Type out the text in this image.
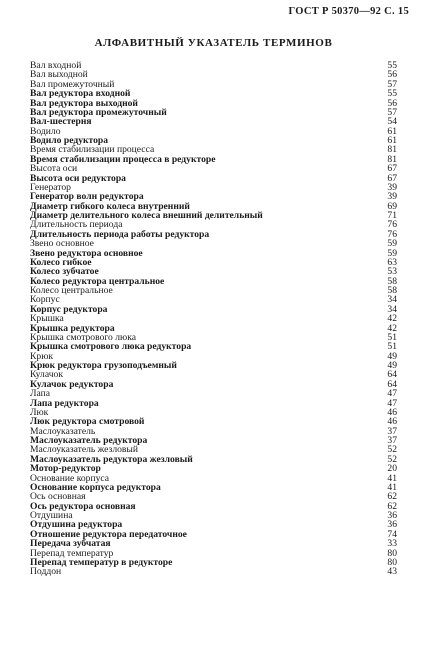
ГОСТ Р 50370—92 С. 15
АЛФАВИТНЫЙ УКАЗАТЕЛЬ ТЕРМИНОВ
Вал входной	55
Вал выходной	56
Вал промежуточный	57
Вал редуктора входной	55
Вал редуктора выходной	56
Вал редуктора промежуточный	57
Вал-шестерня	54
Водило	61
Водило редуктора	61
Время стабилизации процесса	81
Время стабилизации процесса в редукторе	81
Высота оси	67
Высота оси редуктора	67
Генератор	39
Генератор волн редуктора	39
Диаметр гибкого колеса внутренний	69
Диаметр делительного колеса внешний делительный	71
Длительность периода	76
Длительность периода работы редуктора	76
Звено основное	59
Звено редуктора основное	59
Колесо гибкое	63
Колесо зубчатое	53
Колесо редуктора центральное	58
Колесо центральное	58
Корпус	34
Корпус редуктора	34
Крышка	42
Крышка редуктора	42
Крышка смотрового люка	51
Крышка смотрового люка редуктора	51
Крюк	49
Крюк редуктора грузоподъемный	49
Кулачок	64
Кулачок редуктора	64
Лапа	47
Лапа редуктора	47
Люк	46
Люк редуктора смотровой	46
Маслоуказатель	37
Маслоуказатель редуктора	37
Маслоуказатель жезловый	52
Маслоуказатель редуктора жезловый	52
Мотор-редуктор	20
Основание корпуса	41
Основание корпуса редуктора	41
Ось основная	62
Ось редуктора основная	62
Отдушина	36
Отдушина редуктора	36
Отношение редуктора передаточное	74
Передача зубчатая	33
Перепад температур	80
Перепад температур в редукторе	80
Поддон	43
